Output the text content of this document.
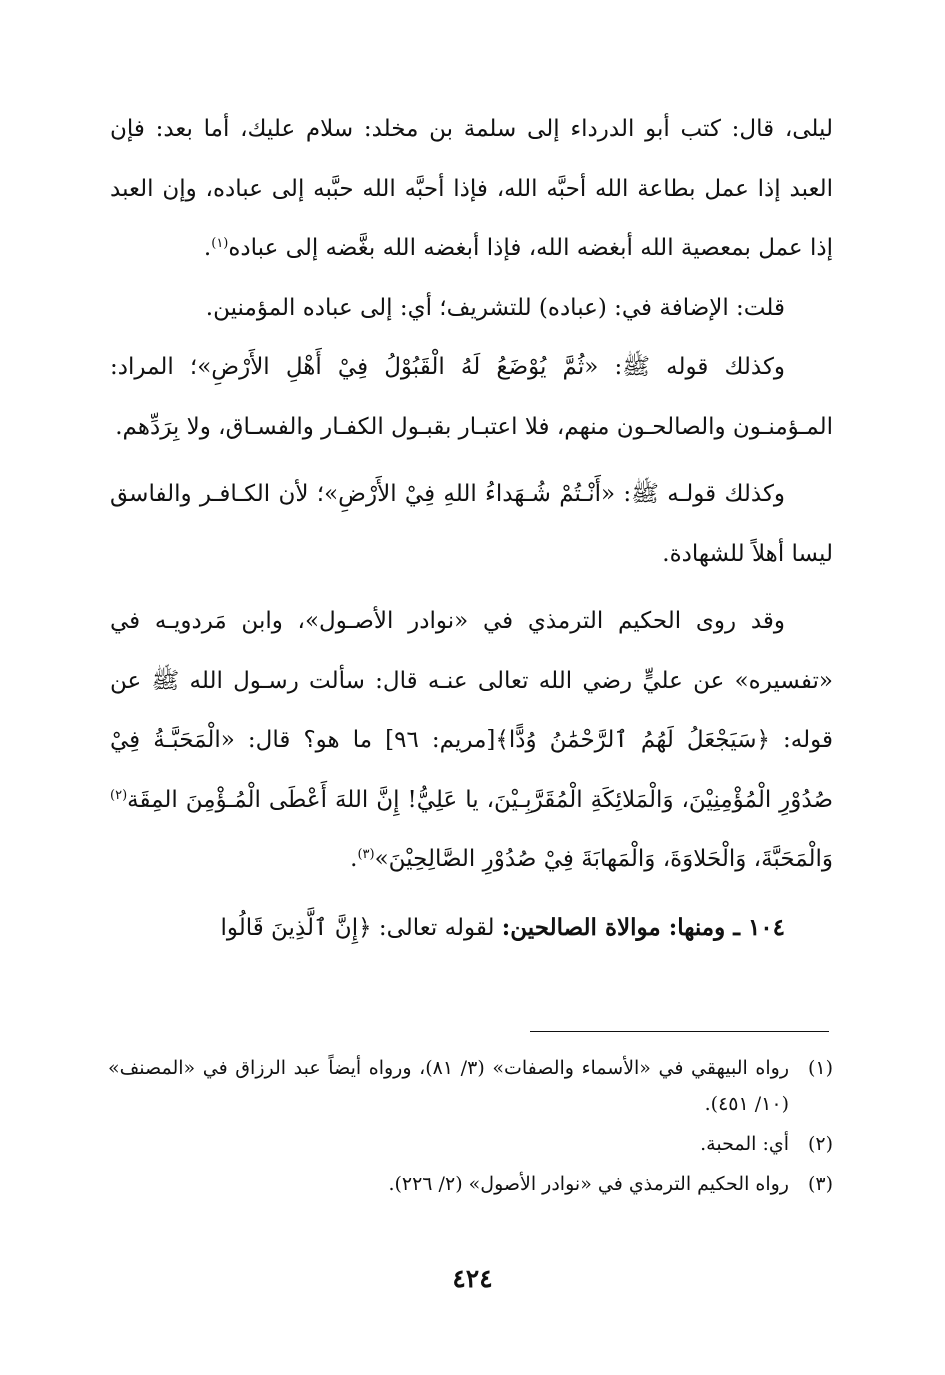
ليلى، قال: كتب أبو الدرداء إلى سلمة بن مخلد: سلام عليك، أما بعد: فإن العبد إذا عمل بطاعة الله أحبَّه الله، فإذا أحبَّه الله حبَّبه إلى عباده، وإن العبد إذا عمل بمعصية الله أبغضه الله، فإذا أبغضه الله بغَّضه إلى عباده$^{(١)}$.

قلت: الإضافة في: (عباده) للتشريف؛ أي: إلى عباده المؤمنين.

وكذلك قوله ﷺ: «ثُمَّ يُوْضَعُ لَهُ الْقَبُوْلُ فِيْ أَهْلِ الأَرْضِ»؛ المراد: المـؤمنـون والصالحـون منهم، فلا اعتبـار بقبـول الكفـار والفسـاق، ولا بِرَدِّهم.

وكذلك قولـه ﷺ: «أَنْـتُمْ شُـهَداءُ اللهِ فِيْ الأَرْضِ»؛ لأن الكـافـر والفاسق ليسا أهلاً للشهادة.

وقد روى الحكيم الترمذي في «نوادر الأصـول»، وابن مَردويـه في «تفسيره» عن عليٍّ رضي الله تعالى عنـه قال: سألت رسـول الله ﷺ عن قوله: ﴿سَيَجْعَلُ لَهُمُ ٱلرَّحْمَٰنُ وُدًّا﴾[مريم: ٩٦] ما هو؟ قال: «الْمَحَبَّـةُ فِيْ صُدُوْرِ الْمُؤْمِنِيْنَ، وَالْمَلائِكَةِ الْمُقَرَّبِـيْنَ، يا عَلِيُّ! إِنَّ اللهَ أَعْطَى الْمُـؤْمِنَ المِقَة$^{(٢)}$ وَالْمَحَبَّةَ، وَالْحَلاوَةَ، وَالْمَهابَةَ فِيْ صُدُوْرِ الصَّالِحِيْنَ»$^{(٣)}$.

١٠٤ ـ ومنها: موالاة الصالحين: لقوله تعالى: ﴿إِنَّ ٱلَّذِينَ قَالُوا

(١)
رواه البيهقي في «الأسماء والصفات» (٣/ ٨١)، ورواه أيضاً عبد الرزاق في «المصنف» (١٠/ ٤٥١).
(٢)
أي: المحبة.
(٣)
رواه الحكيم الترمذي في «نوادر الأصول» (٢/ ٢٢٦).
٤٢٤
